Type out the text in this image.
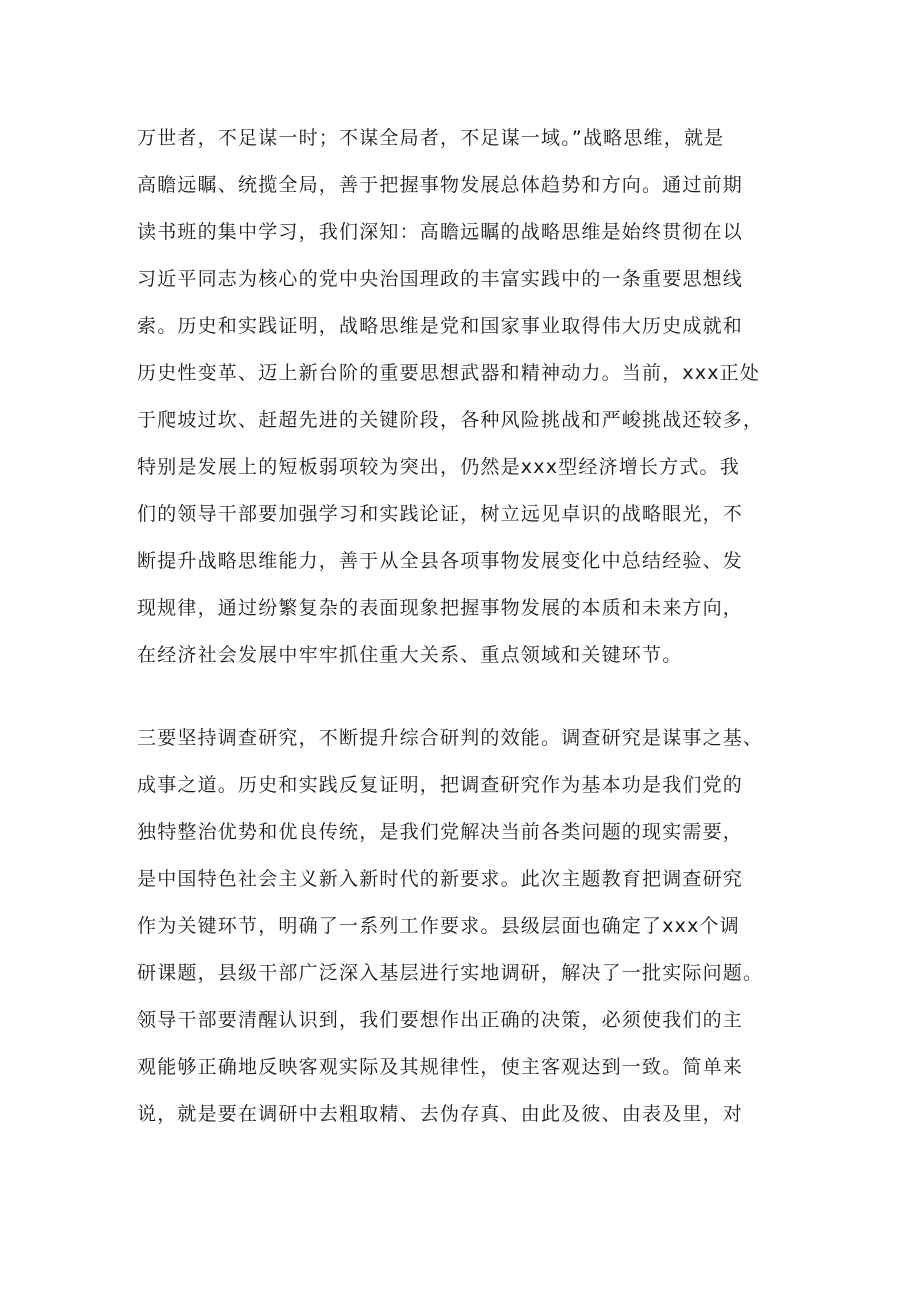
万世者，不足谋一时；不谋全局者，不足谋一域。”战略思维，就是
高瞻远瞩、统揽全局，善于把握事物发展总体趋势和方向。通过前期
读书班的集中学习，我们深知：高瞻远瞩的战略思维是始终贯彻在以
习近平同志为核心的党中央治国理政的丰富实践中的一条重要思想线
索。历史和实践证明，战略思维是党和国家事业取得伟大历史成就和
历史性变革、迈上新台阶的重要思想武器和精神动力。当前，xxx正处
于爬坡过坎、赶超先进的关键阶段，各种风险挑战和严峻挑战还较多，
特别是发展上的短板弱项较为突出，仍然是xxx型经济增长方式。我
们的领导干部要加强学习和实践论证，树立远见卓识的战略眼光，不
断提升战略思维能力，善于从全县各项事物发展变化中总结经验、发
现规律，通过纷繁复杂的表面现象把握事物发展的本质和未来方向，
在经济社会发展中牢牢抓住重大关系、重点领域和关键环节。
三要坚持调查研究，不断提升综合研判的效能。调查研究是谋事之基、
成事之道。历史和实践反复证明，把调查研究作为基本功是我们党的
独特整治优势和优良传统，是我们党解决当前各类问题的现实需要，
是中国特色社会主义新入新时代的新要求。此次主题教育把调查研究
作为关键环节，明确了一系列工作要求。县级层面也确定了xxx个调
研课题，县级干部广泛深入基层进行实地调研，解决了一批实际问题。
领导干部要清醒认识到，我们要想作出正确的决策，必须使我们的主
观能够正确地反映客观实际及其规律性，使主客观达到一致。简单来
说，就是要在调研中去粗取精、去伪存真、由此及彼、由表及里，对
